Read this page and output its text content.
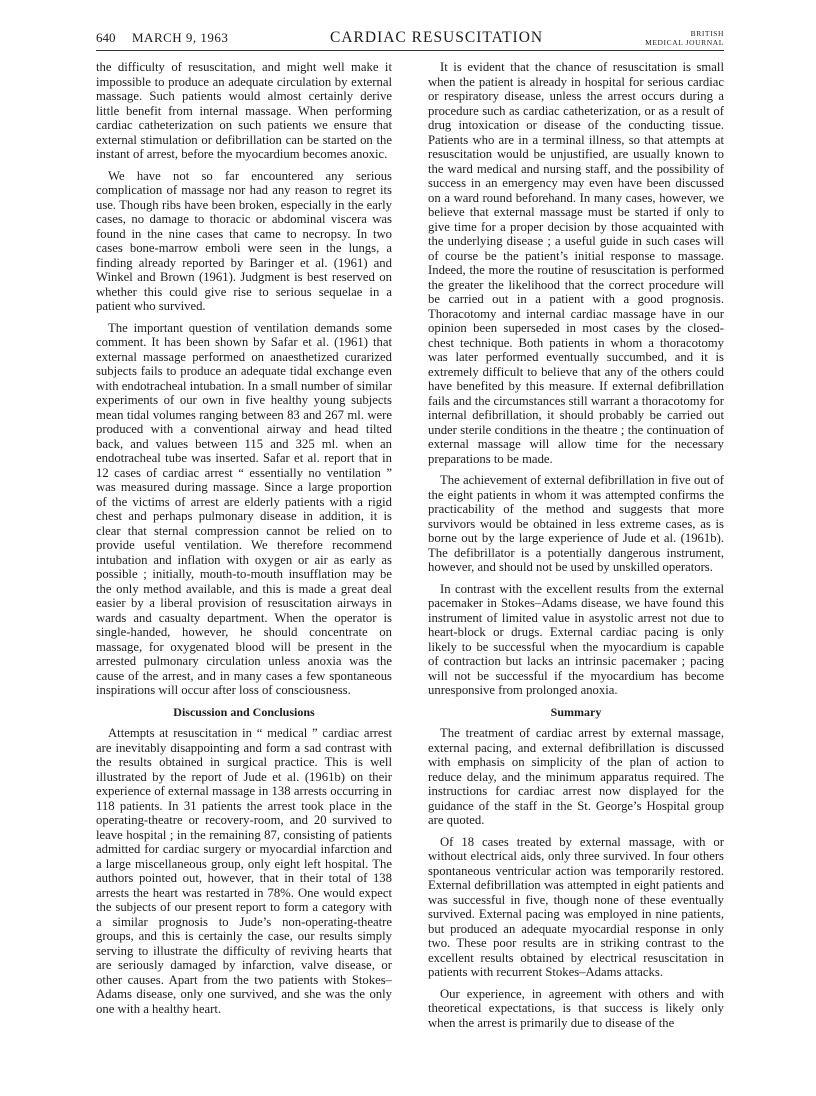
640 MARCH 9, 1963	CARDIAC RESUSCITATION	BRITISH
MEDICAL JOURNAL

the difficulty of resuscitation, and might well make it impossible to produce an adequate circulation by external massage. Such patients would almost certainly derive little benefit from internal massage. When performing cardiac catheterization on such patients we ensure that external stimulation or defibrillation can be started on the instant of arrest, before the myocardium becomes anoxic.

We have not so far encountered any serious complication of massage nor had any reason to regret its use. Though ribs have been broken, especially in the early cases, no damage to thoracic or abdominal viscera was found in the nine cases that came to necropsy. In two cases bone-marrow emboli were seen in the lungs, a finding already reported by Baringer et al. (1961) and Winkel and Brown (1961). Judgment is best reserved on whether this could give rise to serious sequelae in a patient who survived.

The important question of ventilation demands some comment. It has been shown by Safar et al. (1961) that external massage performed on anaesthetized curarized subjects fails to produce an adequate tidal exchange even with endotracheal intubation. In a small number of similar experiments of our own in five healthy young subjects mean tidal volumes ranging between 83 and 267 ml. were produced with a conventional airway and head tilted back, and values between 115 and 325 ml. when an endotracheal tube was inserted. Safar et al. report that in 12 cases of cardiac arrest “ essentially no ventilation ” was measured during massage. Since a large proportion of the victims of arrest are elderly patients with a rigid chest and perhaps pulmonary disease in addition, it is clear that sternal compression cannot be relied on to provide useful ventilation. We therefore recommend intubation and inflation with oxygen or air as early as possible ; initially, mouth-to-mouth insufflation may be the only method available, and this is made a great deal easier by a liberal provision of resuscitation airways in wards and casualty department. When the operator is single-handed, however, he should concentrate on massage, for oxygenated blood will be present in the arrested pulmonary circulation unless anoxia was the cause of the arrest, and in many cases a few spontaneous inspirations will occur after loss of consciousness.

Discussion and Conclusions

Attempts at resuscitation in “ medical ” cardiac arrest are inevitably disappointing and form a sad contrast with the results obtained in surgical practice. This is well illustrated by the report of Jude et al. (1961b) on their experience of external massage in 138 arrests occurring in 118 patients. In 31 patients the arrest took place in the operating-theatre or recovery-room, and 20 survived to leave hospital ; in the remaining 87, consisting of patients admitted for cardiac surgery or myocardial infarction and a large miscellaneous group, only eight left hospital. The authors pointed out, however, that in their total of 138 arrests the heart was restarted in 78%. One would expect the subjects of our present report to form a category with a similar prognosis to Jude’s non-operating-theatre groups, and this is certainly the case, our results simply serving to illustrate the difficulty of reviving hearts that are seriously damaged by infarction, valve disease, or other causes. Apart from the two patients with Stokes–Adams disease, only one survived, and she was the only one with a healthy heart.

It is evident that the chance of resuscitation is small when the patient is already in hospital for serious cardiac or respiratory disease, unless the arrest occurs during a procedure such as cardiac catheterization, or as a result of drug intoxication or disease of the conducting tissue. Patients who are in a terminal illness, so that attempts at resuscitation would be unjustified, are usually known to the ward medical and nursing staff, and the possibility of success in an emergency may even have been discussed on a ward round beforehand. In many cases, however, we believe that external massage must be started if only to give time for a proper decision by those acquainted with the underlying disease ; a useful guide in such cases will of course be the patient’s initial response to massage. Indeed, the more the routine of resuscitation is performed the greater the likelihood that the correct procedure will be carried out in a patient with a good prognosis. Thoracotomy and internal cardiac massage have in our opinion been superseded in most cases by the closed-chest technique. Both patients in whom a thoracotomy was later performed eventually succumbed, and it is extremely difficult to believe that any of the others could have benefited by this measure. If external defibrillation fails and the circumstances still warrant a thoracotomy for internal defibrillation, it should probably be carried out under sterile conditions in the theatre ; the continuation of external massage will allow time for the necessary preparations to be made.

The achievement of external defibrillation in five out of the eight patients in whom it was attempted confirms the practicability of the method and suggests that more survivors would be obtained in less extreme cases, as is borne out by the large experience of Jude et al. (1961b). The defibrillator is a potentially dangerous instrument, however, and should not be used by unskilled operators.

In contrast with the excellent results from the external pacemaker in Stokes–Adams disease, we have found this instrument of limited value in asystolic arrest not due to heart-block or drugs. External cardiac pacing is only likely to be successful when the myocardium is capable of contraction but lacks an intrinsic pacemaker ; pacing will not be successful if the myocardium has become unresponsive from prolonged anoxia.

Summary

The treatment of cardiac arrest by external massage, external pacing, and external defibrillation is discussed with emphasis on simplicity of the plan of action to reduce delay, and the minimum apparatus required. The instructions for cardiac arrest now displayed for the guidance of the staff in the St. George’s Hospital group are quoted.

Of 18 cases treated by external massage, with or without electrical aids, only three survived. In four others spontaneous ventricular action was temporarily restored. External defibrillation was attempted in eight patients and was successful in five, though none of these eventually survived. External pacing was employed in nine patients, but produced an adequate myocardial response in only two. These poor results are in striking contrast to the excellent results obtained by electrical resuscitation in patients with recurrent Stokes–Adams attacks.

Our experience, in agreement with others and with theoretical expectations, is that success is likely only when the arrest is primarily due to disease of the
